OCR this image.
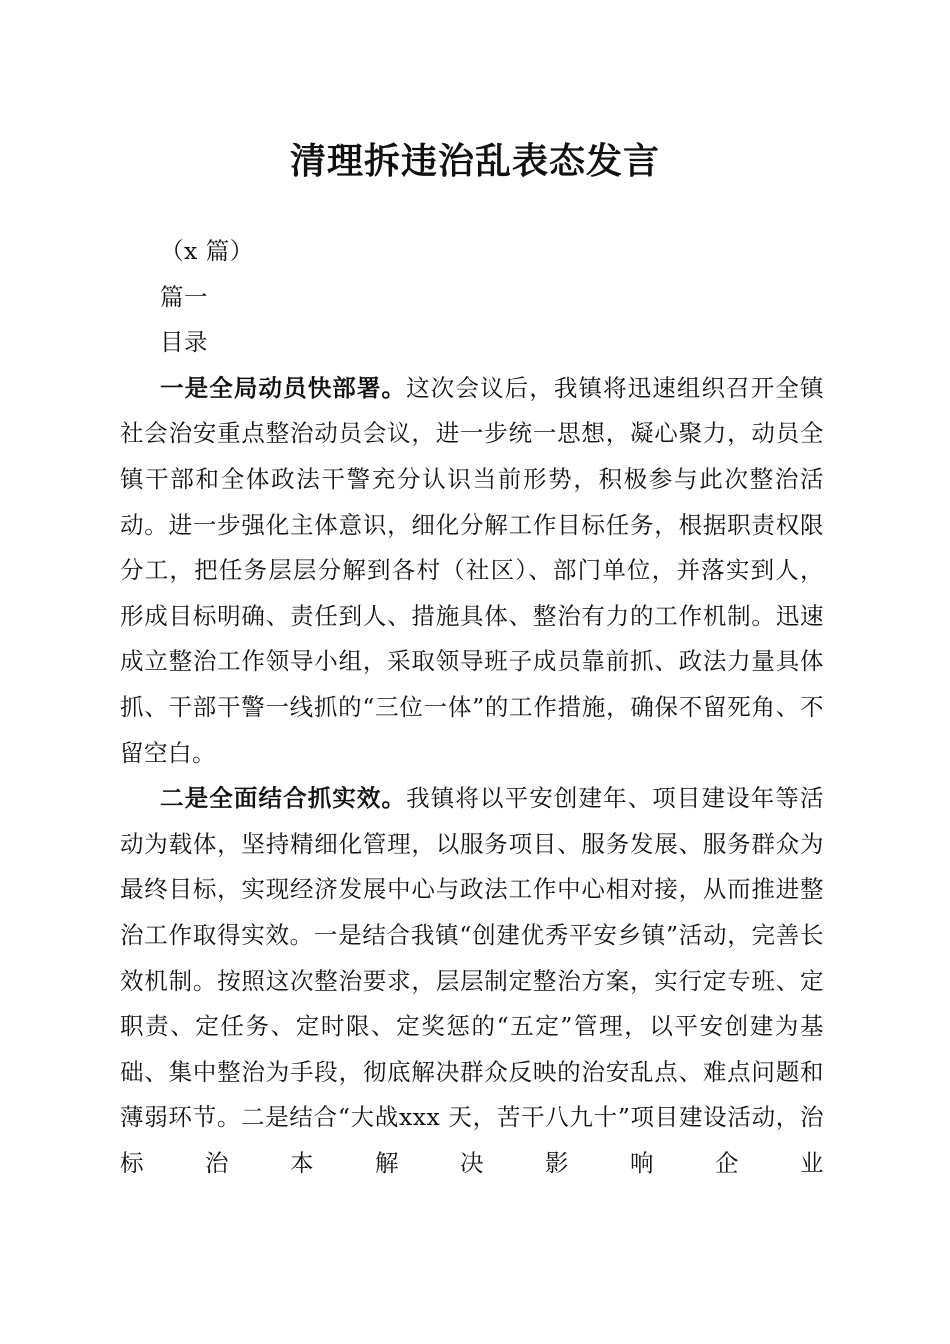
清理拆违治乱表态发言

（x 篇）

篇一

目录

一是全局动员快部署。这次会议后，我镇将迅速组织召开全镇社会治安重点整治动员会议，进一步统一思想，凝心聚力，动员全镇干部和全体政法干警充分认识当前形势，积极参与此次整治活动。进一步强化主体意识，细化分解工作目标任务，根据职责权限分工，把任务层层分解到各村（社区）、部门单位，并落实到人，形成目标明确、责任到人、措施具体、整治有力的工作机制。迅速成立整治工作领导小组，采取领导班子成员靠前抓、政法力量具体抓、干部干警一线抓的“三位一体”的工作措施，确保不留死角、不留空白。

二是全面结合抓实效。我镇将以平安创建年、项目建设年等活动为载体，坚持精细化管理，以服务项目、服务发展、服务群众为最终目标，实现经济发展中心与政法工作中心相对接，从而推进整治工作取得实效。一是结合我镇“创建优秀平安乡镇”活动，完善长效机制。按照这次整治要求，层层制定整治方案，实行定专班、定职责、定任务、定时限、定奖惩的“五定”管理，以平安创建为基础、集中整治为手段，彻底解决群众反映的治安乱点、难点问题和薄弱环节。二是结合“大战xxx 天，苦干八九十”项目建设活动，治标治本解决影响企业
